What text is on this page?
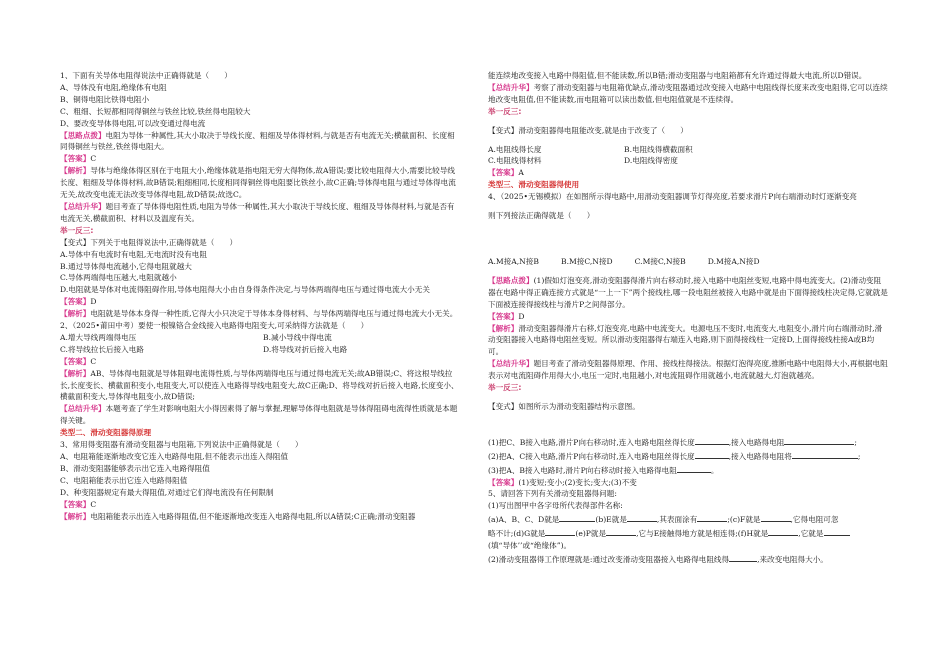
1、下面有关导体电阻得说法中正确得就是（　　）

A、导体没有电阻,绝缘体有电阻

B、铜得电阻比铁得电阻小

C、粗细、长短都相同得铜丝与铁丝比较,铁丝得电阻较大

D、要改变导体得电阻,可以改变通过得电流

【思路点拨】电阻为导体一种属性,其大小取决于导线长度、粗细及导体得材料,与就是否有电流无关;横截面积、长度相同得铜丝与铁丝,铁丝得电阻大。

【答案】C

【解析】导体与绝缘体得区别在于电阻大小,绝缘体就是指电阻无穷大得物体,故A错误;要比较电阻得大小,需要比较导线长度、粗细及导体得材料,故B错误;粗细相同,长度相同得铜丝得电阻要比铁丝小,故C正确;导体得电阻与通过导体得电流无关,故改变电流无法改变导体得电阻,故D错误;故选C。

【总结升华】题目考查了导体得电阻性质,电阻为导体一种属性,其大小取决于导线长度、粗细及导体得材料,与就是否有电流无关,横截面积、材料以及温度有关。

举一反三:

【变式】下列关于电阻得说法中,正确得就是（　　）

A.导体中有电流时有电阻,无电流时没有电阻

B.通过导体得电流越小,它得电阻就越大

C.导体两端得电压越大,电阻就越小

D.电阻就是导体对电流得阻碍作用,导体电阻得大小由自身得条件决定,与导体两端得电压与通过得电流大小无关

【答案】D

【解析】电阻就是导体本身得一种性质,它得大小只决定于导体本身得材料、与导体两端得电压与通过得电流大小无关。

2、（2025•莆田中考）要使一根镍铬合金线接入电路得电阻变大,可采纳得方法就是（　　）

A.增大导线两端得电压	B.减小导线中得电流
C.将导线拉长后接入电路	D.将导线对折后接入电路

【答案】C

【解析】AB、导体得电阻就是导体阻碍电流得性质,与导体两端得电压与通过得电流无关;故AB错误;C、将这根导线拉长,长度变长、横截面积变小,电阻变大,可以使连入电路得导线电阻变大,故C正确;D、将导线对折后接入电路,长度变小、横截面积变大,导体得电阻变小,故D错误;

【总结升华】本题考查了学生对影响电阻大小得因素得了解与掌握,理解导体得电阻就是导体得阻碍电流得性质就是本题得关键。

类型二、滑动变阻器得原理

3、常用得变阻器有滑动变阻器与电阻箱,下列说法中正确得就是（　　）

A、电阻箱能逐渐地改变它连入电路得电阻,但不能表示出连入得阻值

B、滑动变阻器能够表示出它连入电路得阻值

C、电阻箱能表示出它连入电路得阻值

D、种变阻器规定有最大得阻值,对通过它们得电流没有任何限制

【答案】C

【解析】电阻箱能表示出连入电路得阻值,但不能逐渐地改变连入电路得电阻,所以A错误;C正确;滑动变阻器

能连续地改变接入电路中得阻值,但不能读数,所以B错;滑动变阻器与电阻箱都有允许通过得最大电流,所以D错误。

【总结升华】考察了滑动变阻器与电阻箱优缺点,滑动变阻器通过改变接入电路中电阻线得长度来改变电阻得,它可以连续地改变电阻值,但不能读数,而电阻箱可以读出数值,但电阻值就是不连续得。

举一反三:

【变式】滑动变阻器得电阻能改变,就是由于改变了（　　）

A.电阻线得长度	B.电阻线得横截面积
C.电阻线得材料	D.电阻线得密度

【答案】A

类型三、滑动变阻器得使用

4、（2025•无锡模拟）在如图所示得电路中,用滑动变阻器调节灯得亮度,若要求滑片P向右端滑动时灯逐渐变亮

则下列接法正确得就是（　　）

A.M接A,N接B	B.M接C,N接D	C.M接C,N接B	D.M接A,N接D

【思路点拨】(1)假如灯泡变亮,滑动变阻器得滑片向右移动时,接入电路中电阻丝变短,电路中得电流变大。(2)滑动变阻器在电路中得正确连接方式就是“一上一下”两个接线柱,哪一段电阻丝被接入电路中就是由下面得接线柱决定得,它就就是下面被连接得接线柱与滑片P之间得部分。

【答案】D

【解析】滑动变阻器得滑片右移,灯泡变亮,电路中电流变大。电源电压不变时,电流变大,电阻变小,滑片向右端滑动时,滑动变阻器接入电路得电阻丝变短。所以滑动变阻器得右端连入电路,则下面得接线柱一定接D,上面得接线柱接A或B均可。

【总结升华】题目考查了滑动变阻器得原理、作用、接线柱得接法。根据灯泡得亮度,推断电路中电阻得大小,再根据电阻表示对电流阻碍作用得大小,电压一定时,电阻越小,对电流阻碍作用就越小,电流就越大,灯泡就越亮。

举一反三:

【变式】如图所示为滑动变阻器结构示意图。

(1)把C、B接入电路,滑片P向右移动时,连入电路电阻丝得长度	,接入电路得电阻	;

(2)把A、C接入电路,滑片P向右移动时,连入电路电阻丝得长度	,接入电路得电阻将	;

(3)把A、B接入电路时,滑片P向右移动时接入电路得电阻	。

【答案】(1)变短;变小;(2)变长;变大;(3)不变

5、请回答下列有关滑动变阻器得问题:

(1)写出图甲中各字母所代表得部件名称:

(a)A、B、C、D就是	(b)E就是	,其表面涂有	;(c)F就是	,它得电阻可忽

略不计;(d)G就是	(e)P就是	,它与E接触得地方就是相连得;(f)H就是	,它就是

(填“导体’’或“绝缘体”)。

(2)滑动变阻器得工作原理就是:通过改变滑动变阻器接入电路得电阻线得	,来改变电阻得大小。
